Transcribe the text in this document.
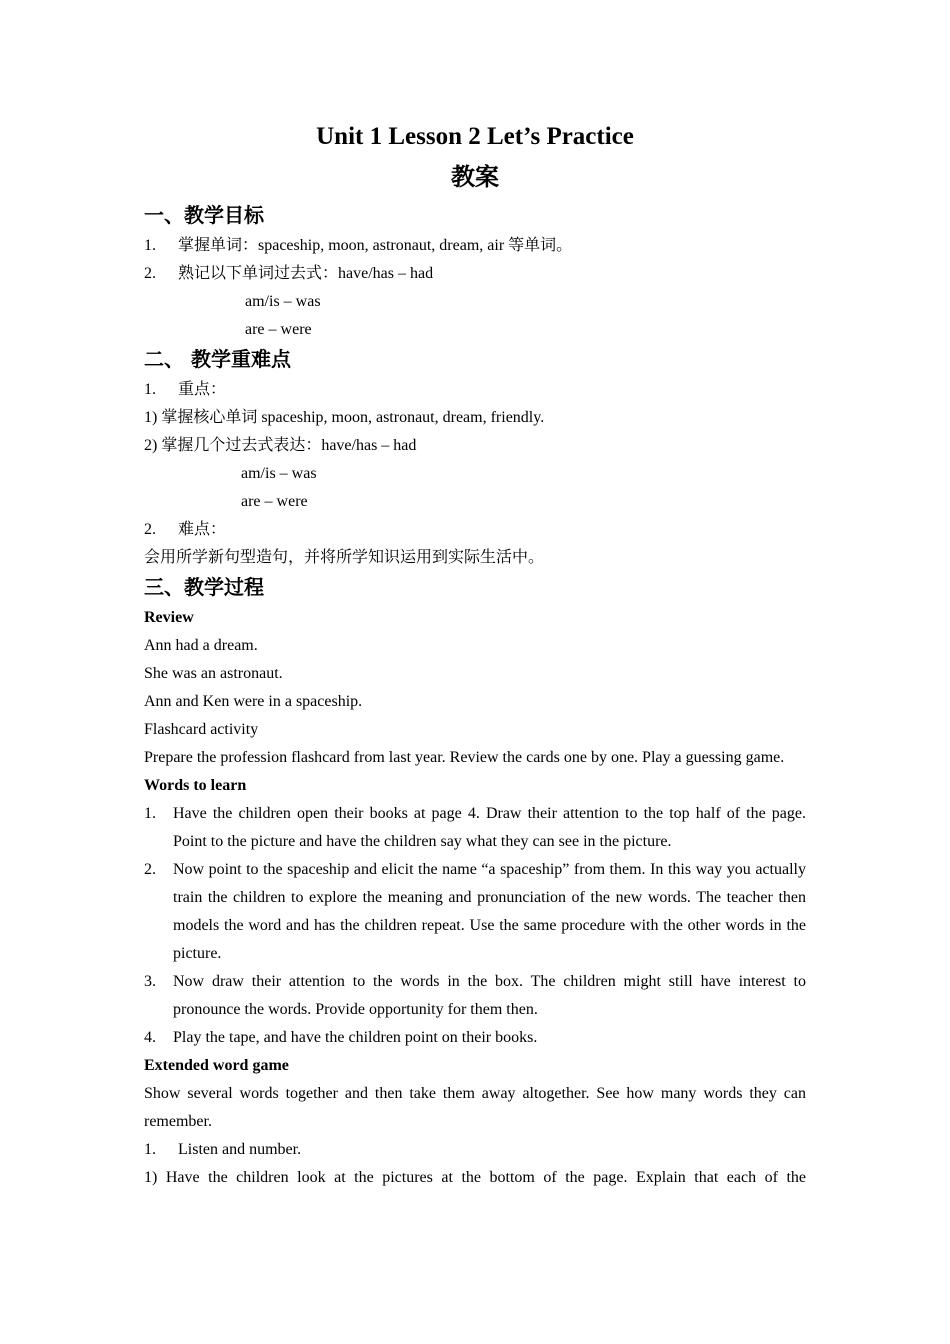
Unit 1 Lesson 2 Let’s Practice
教案
一、教学目标
1. 掌握单词：spaceship, moon, astronaut, dream, air 等单词。
2. 熟记以下单词过去式：have/has – had
am/is – was
are – were
二、 教学重难点
1. 重点：
1) 掌握核心单词 spaceship, moon, astronaut, dream, friendly.
2) 掌握几个过去式表达：have/has – had
am/is – was
are – were
2. 难点：
会用所学新句型造句，并将所学知识运用到实际生活中。
三、教学过程
Review
Ann had a dream.
She was an astronaut.
Ann and Ken were in a spaceship.
Flashcard activity

Prepare the profession flashcard from last year. Review the cards one by one. Play a guessing game.

Words to learn
1. Have the children open their books at page 4. Draw their attention to the top half of the page. Point to the picture and have the children say what they can see in the picture.
2. Now point to the spaceship and elicit the name “a spaceship” from them. In this way you actually train the children to explore the meaning and pronunciation of the new words. The teacher then models the word and has the children repeat. Use the same procedure with the other words in the picture.
3. Now draw their attention to the words in the box. The children might still have interest to pronounce the words. Provide opportunity for them then.
4. Play the tape, and have the children point on their books.
Extended word game

Show several words together and then take them away altogether. See how many words they can remember.

1. Listen and number.

1) Have the children look at the pictures at the bottom of the page. Explain that each of the
